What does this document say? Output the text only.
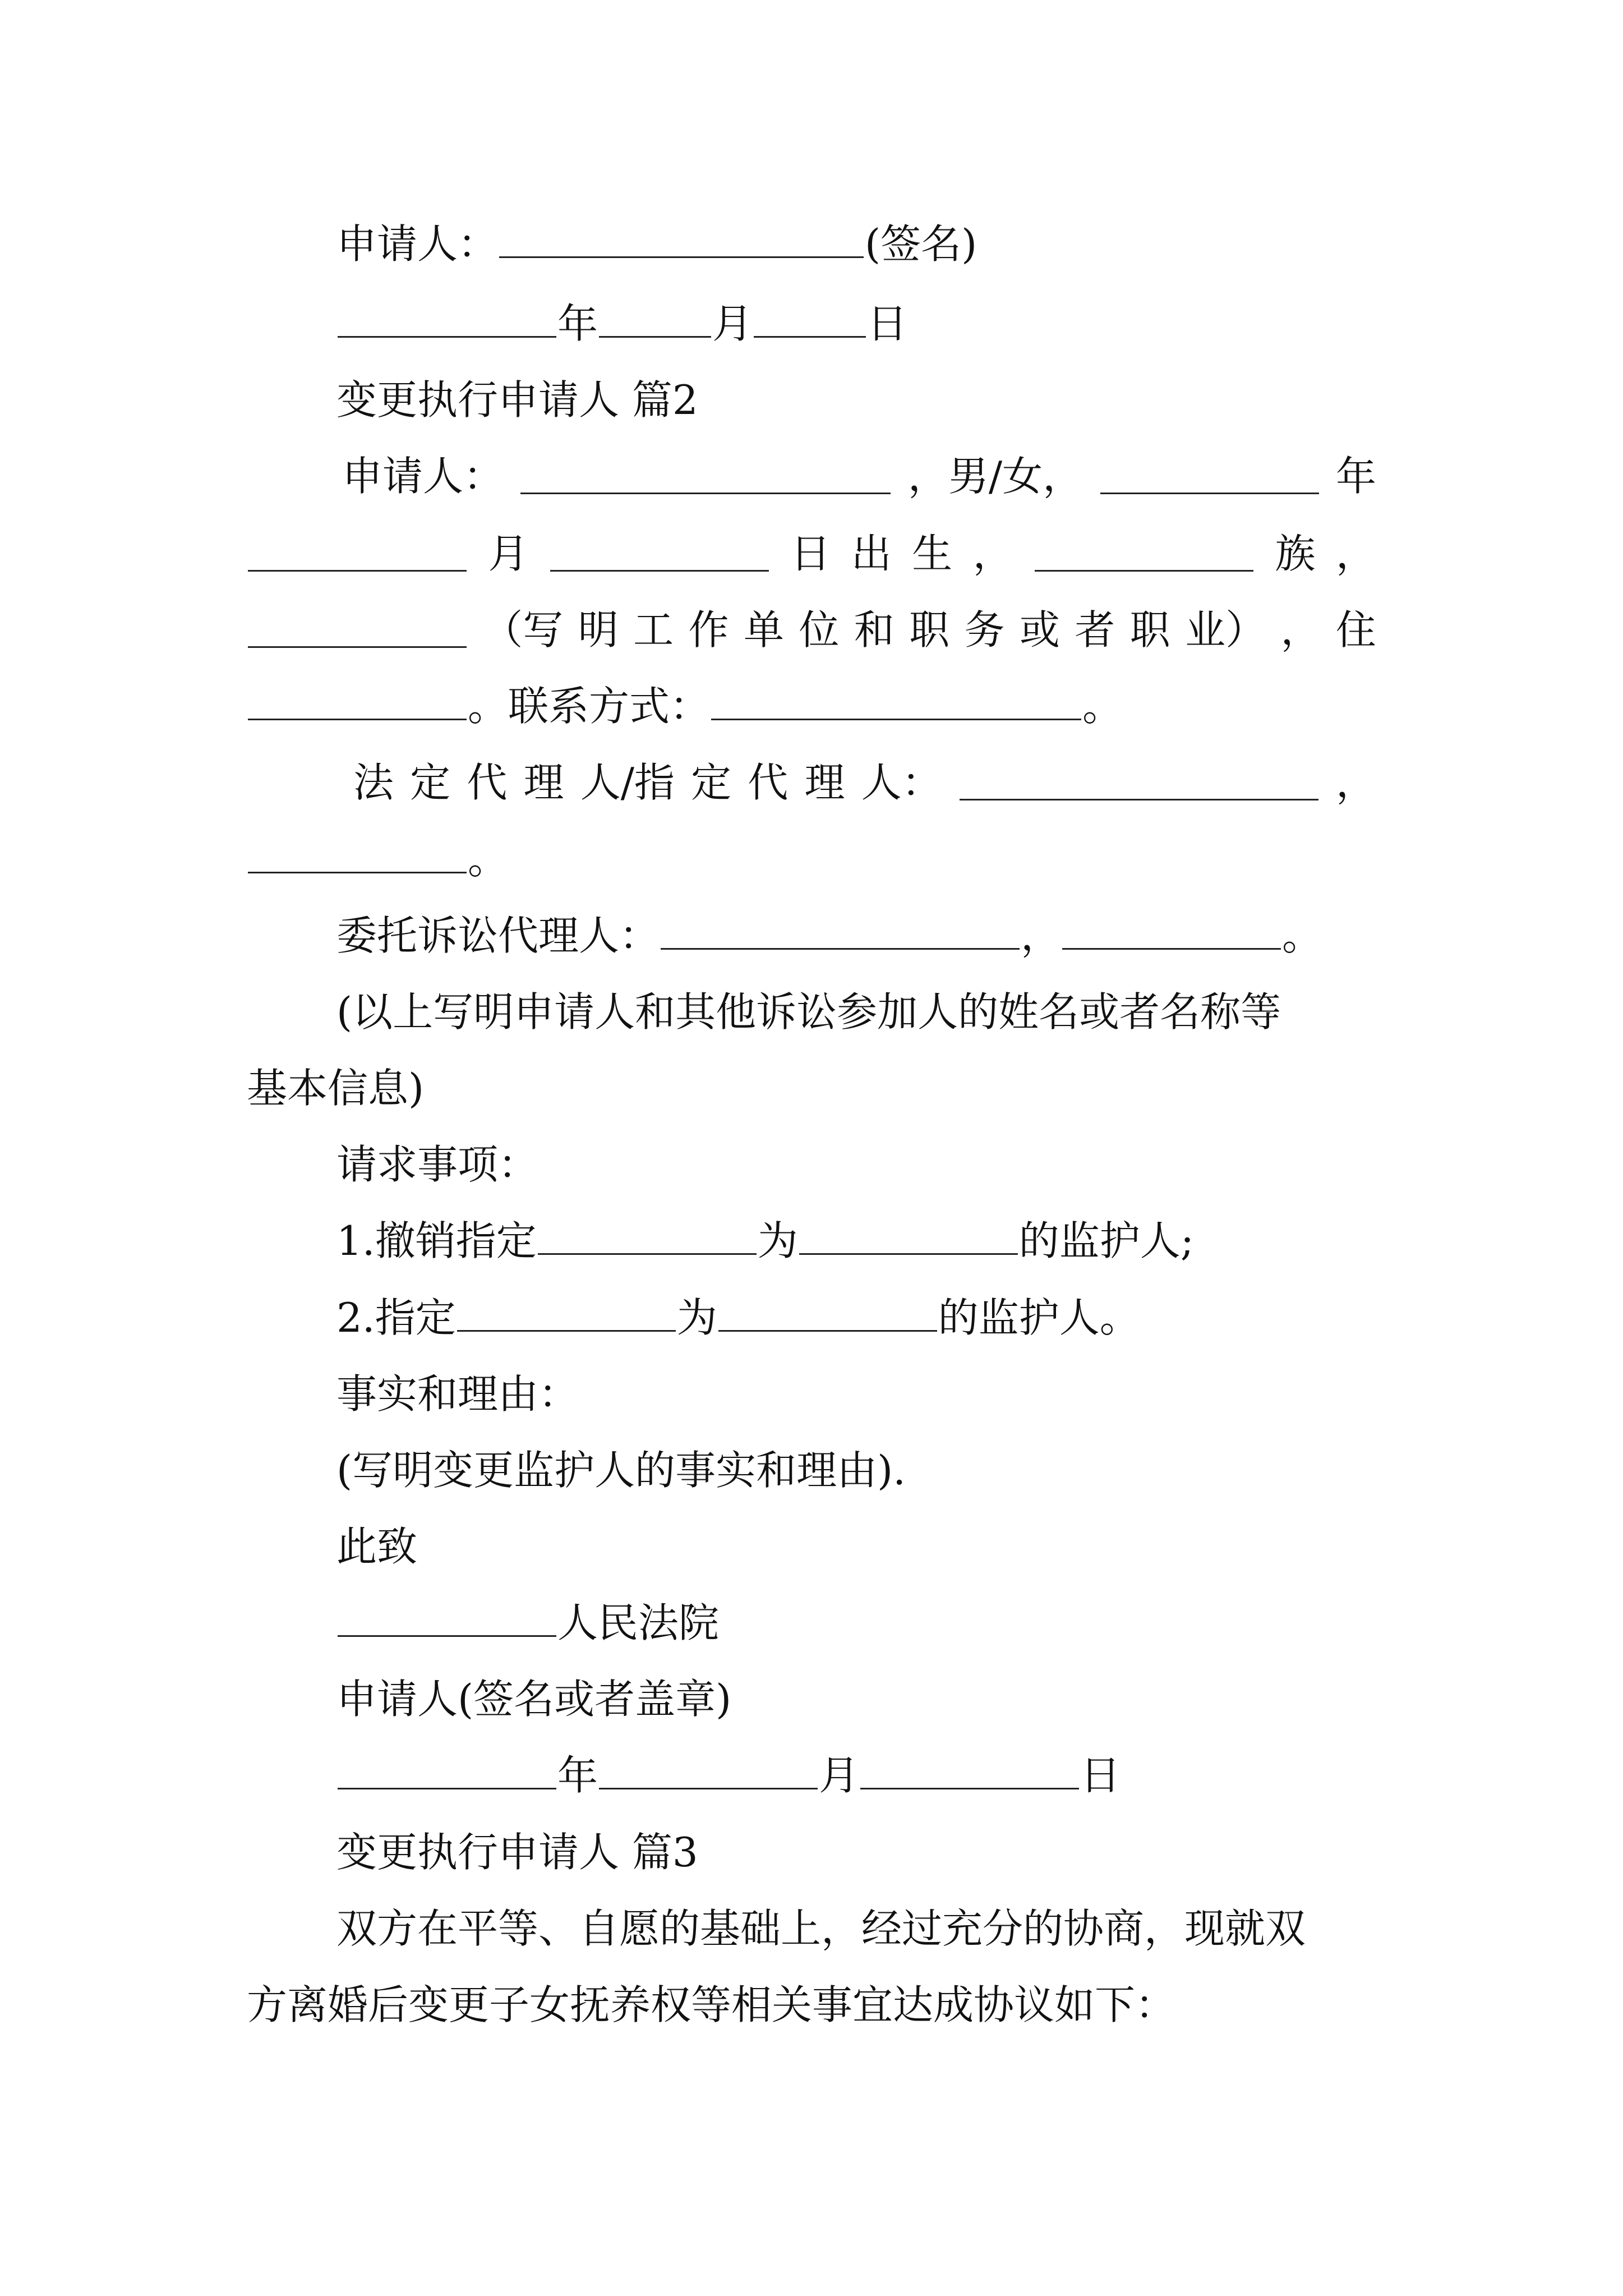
申请人：	(签名)
年	月	日
变更执行申请人 篇2
申请人：	，男/女，	年
月	日 出 生 ，	族 ，
（写 明 工 作 单 位 和 职 务 或 者 职 业） ， 住
。联系方式：	。
法 定 代 理 人/指 定 代 理 人：	，
。
委托诉讼代理人：	，	。
(以上写明申请人和其他诉讼参加人的姓名或者名称等
基本信息)
请求事项：
1.撤销指定	为	的监护人;
2.指定	为	的监护人。
事实和理由：
(写明变更监护人的事实和理由).
此致
人民法院
申请人(签名或者盖章)
年	月	日
变更执行申请人 篇3
双方在平等、自愿的基础上，经过充分的协商，现就双
方离婚后变更子女抚养权等相关事宜达成协议如下：
